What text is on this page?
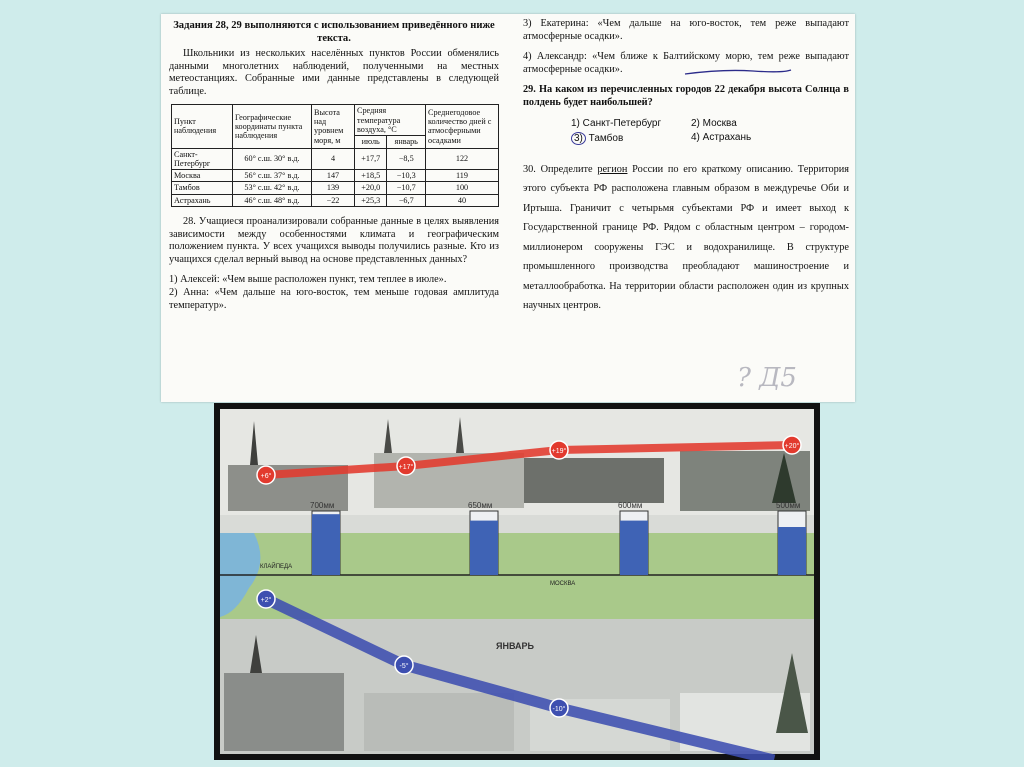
Задания 28, 29 выполняются с использованием приведённого ниже текста.

Школьники из нескольких населённых пунктов России обменялись данными многолетних наблюдений, полученными на местных метеостанциях. Собранные ими данные представлены в следующей таблице.

Пункт наблюдения	Географические координаты пункта наблюдения	Высота над уровнем моря, м	Средняя температура воздуха, °С		Среднегодовое количество дней с атмосферными осадками
			июль	январь	
Санкт-Петербург	60° с.ш. 30° в.д.	4	+17,7	−8,5	122
Москва	56° с.ш. 37° в.д.	147	+18,5	−10,3	119
Тамбов	53° с.ш. 42° в.д.	139	+20,0	−10,7	100
Астрахань	46° с.ш. 48° в.д.	−22	+25,3	−6,7	40

28. Учащиеся проанализировали собранные данные в целях выявления зависимости между особенностями климата и географическим положением пункта. У всех учащихся выводы получились разные. Кто из учащихся сделал верный вывод на основе представленных данных?

1) Алексей: «Чем выше расположен пункт, тем теплее в июле».

2) Анна: «Чем дальше на юго-восток, тем меньше годовая амплитуда температур».

3) Екатерина: «Чем дальше на юго-восток, тем реже выпадают атмосферные осадки».

4) Александр: «Чем ближе к Балтийскому морю, тем реже выпадают атмосферные осадки».

29. На каком из перечисленных городов 22 декабря высота Солнца в полдень будет наибольшей?

1) Санкт-Петербург	2) Москва
3) Тамбов	4) Астрахань

30. Определите регион России по его краткому описанию. Территория этого субъекта РФ расположена главным образом в междуречье Оби и Иртыша. Граничит с четырьмя субъектами РФ и имеет выход к Государственной границе РФ. Рядом с областным центром – городом-миллионером сооружены ГЭС и водохранилище. В структуре промышленного производства преобладают машиностроение и металлообработка. На территории области расположен один из крупных научных центров.

? Д5
КЛАЙПЕДА
МОСКВА
ЯНВАРЬ
700мм	650мм	600мм	500мм
+6°
+17°
+19°
+20°
+2°
-5°
-10°
